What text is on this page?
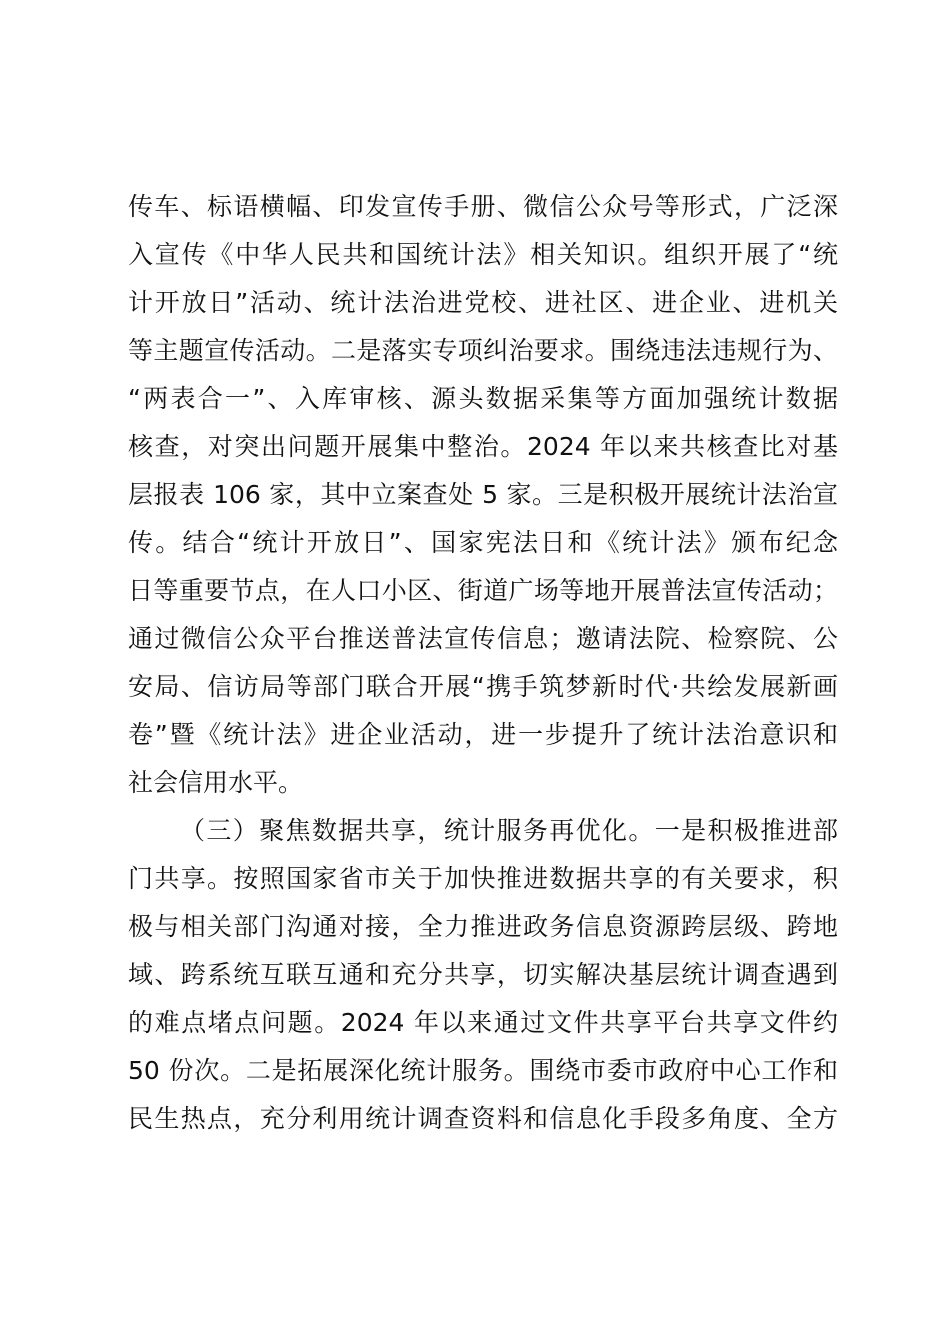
传车、标语横幅、印发宣传手册、微信公众号等形式，广泛深
入宣传《中华人民共和国统计法》相关知识。组织开展了“统
计开放日”活动、统计法治进党校、进社区、进企业、进机关
等主题宣传活动。二是落实专项纠治要求。围绕违法违规行为、
“两表合一”、入库审核、源头数据采集等方面加强统计数据
核查，对突出问题开展集中整治。2024 年以来共核查比对基
层报表 106 家，其中立案查处 5 家。三是积极开展统计法治宣
传。结合“统计开放日”、国家宪法日和《统计法》颁布纪念
日等重要节点，在人口小区、街道广场等地开展普法宣传活动；
通过微信公众平台推送普法宣传信息；邀请法院、检察院、公
安局、信访局等部门联合开展“携手筑梦新时代·共绘发展新画
卷”暨《统计法》进企业活动，进一步提升了统计法治意识和
社会信用水平。
（三）聚焦数据共享，统计服务再优化。一是积极推进部
门共享。按照国家省市关于加快推进数据共享的有关要求，积
极与相关部门沟通对接，全力推进政务信息资源跨层级、跨地
域、跨系统互联互通和充分共享，切实解决基层统计调查遇到
的难点堵点问题。2024 年以来通过文件共享平台共享文件约
50 份次。二是拓展深化统计服务。围绕市委市政府中心工作和
民生热点，充分利用统计调查资料和信息化手段多角度、全方
